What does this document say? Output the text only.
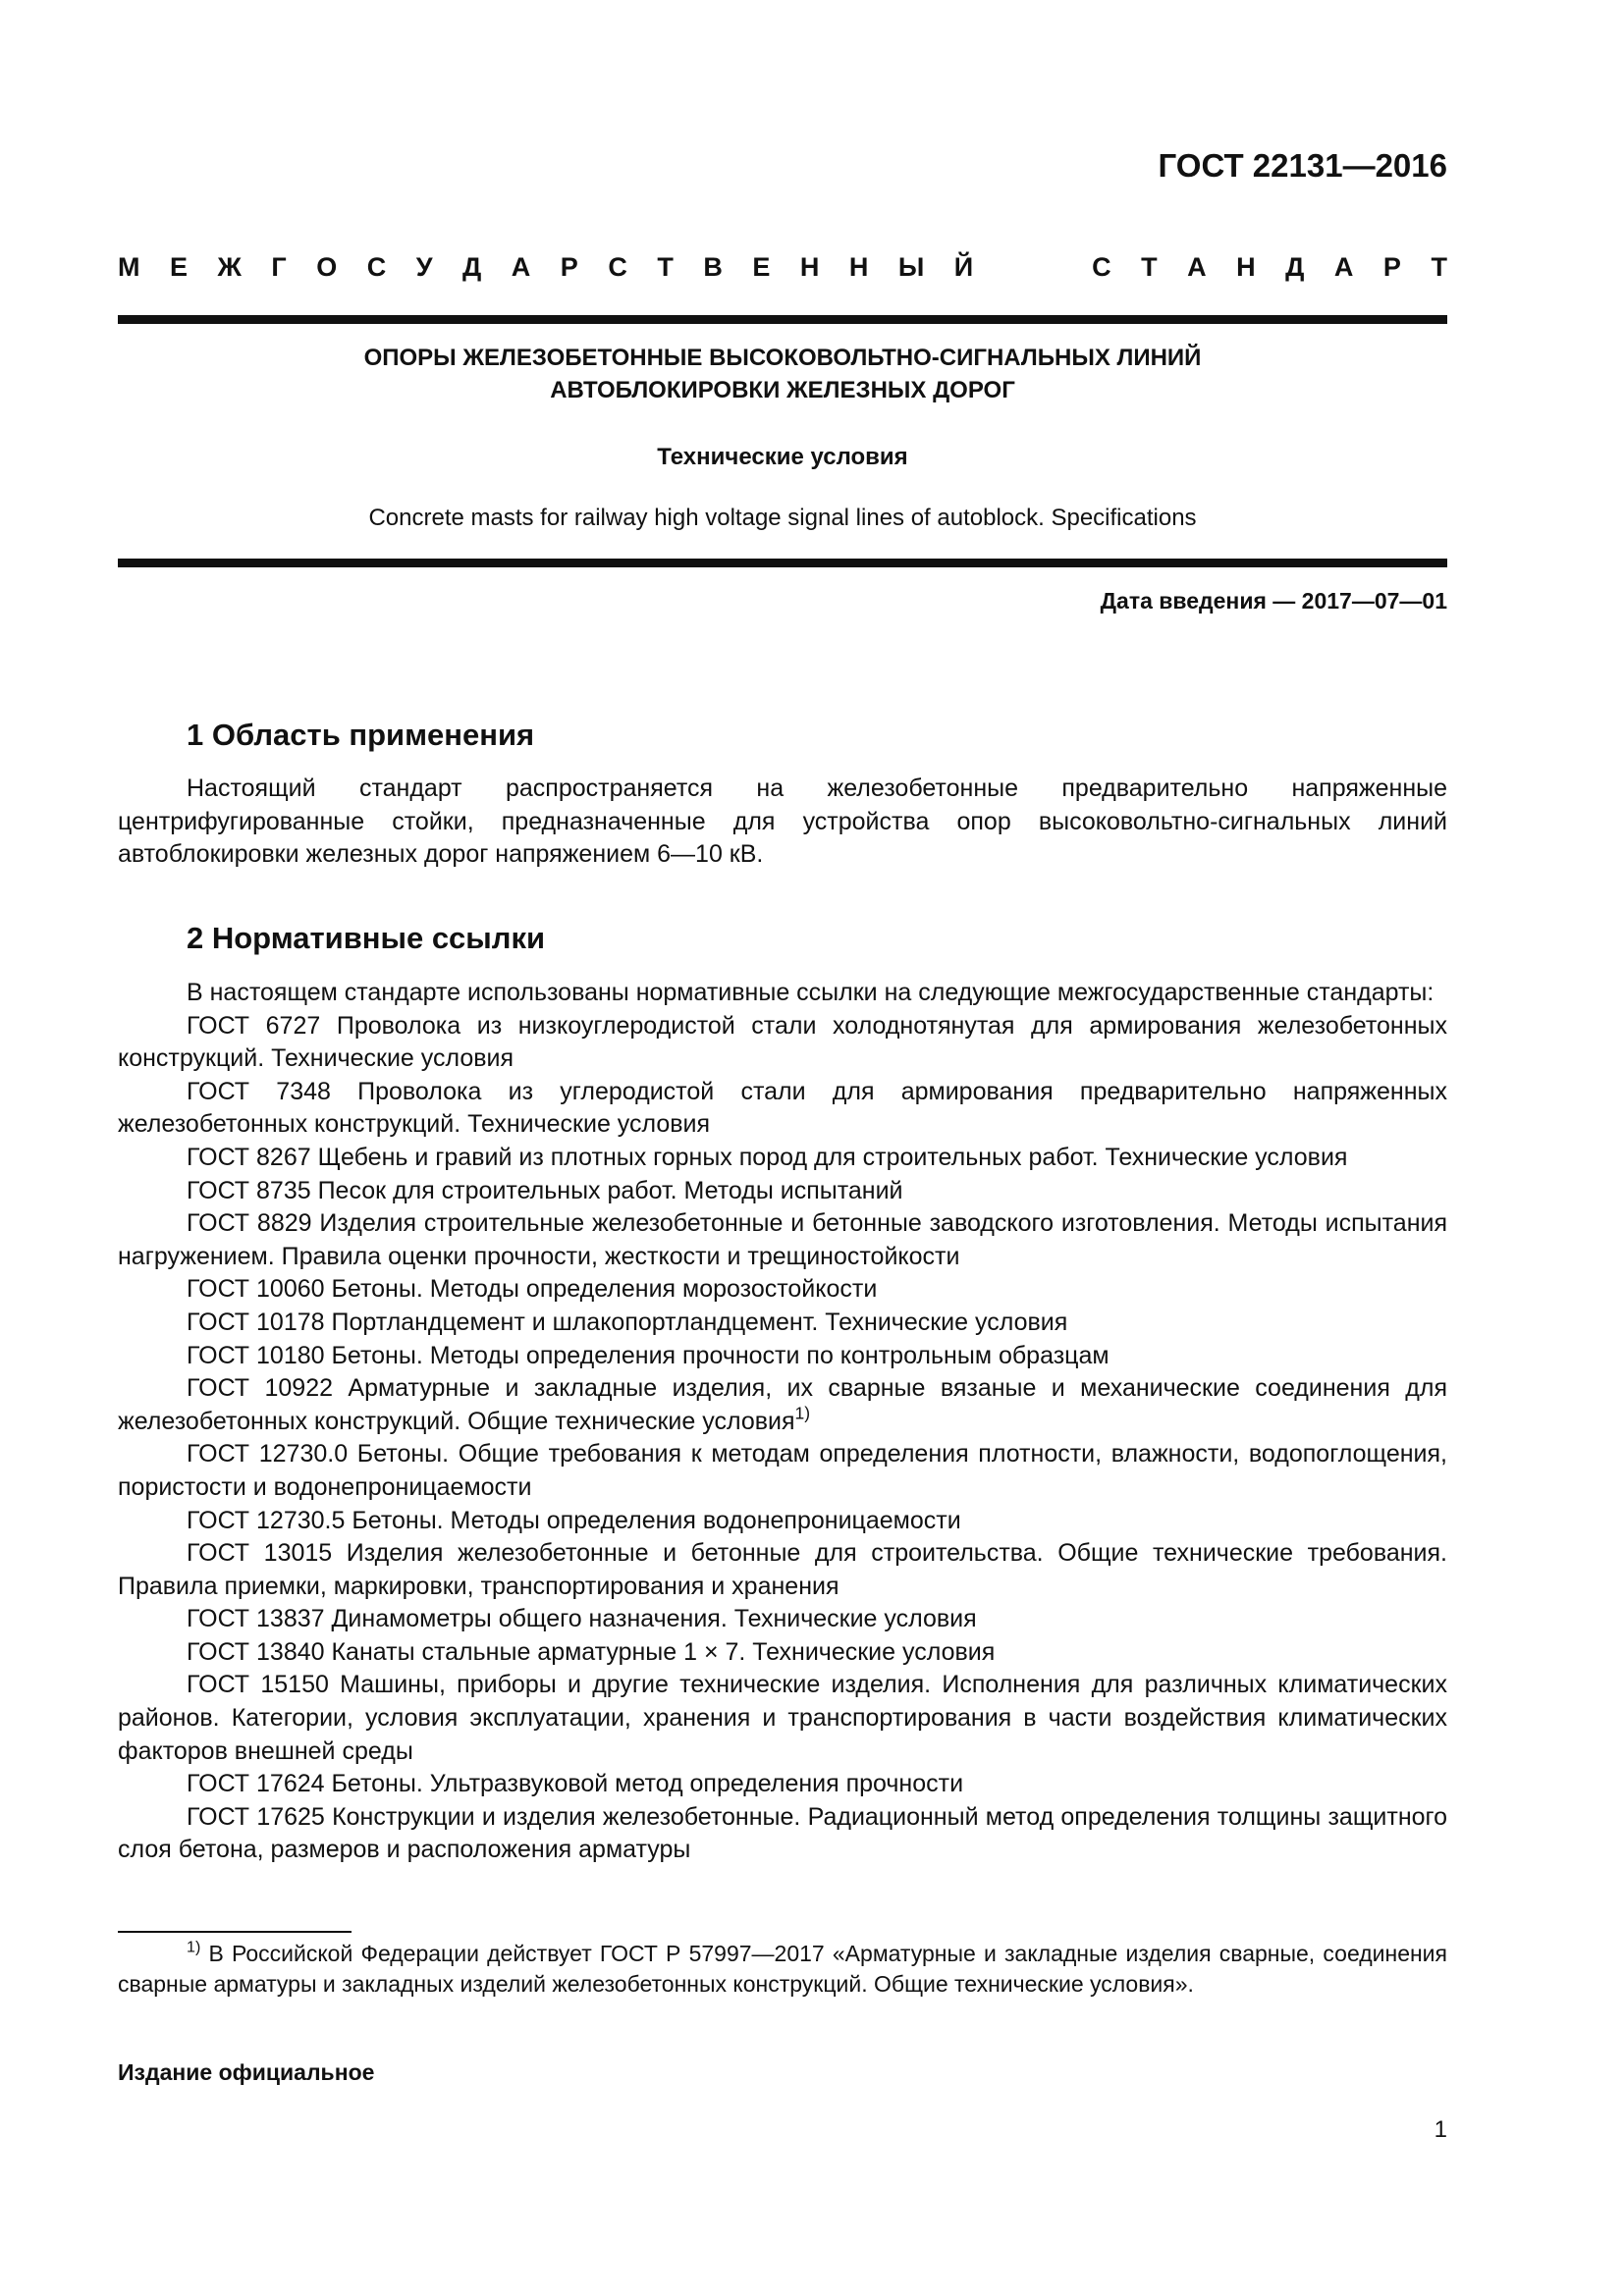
ГОСТ 22131—2016
М Е Ж Г О С У Д А Р С Т В Е Н Н Ы Й	С Т А Н Д А Р Т
ОПОРЫ ЖЕЛЕЗОБЕТОННЫЕ ВЫСОКОВОЛЬТНО-СИГНАЛЬНЫХ ЛИНИЙ
АВТОБЛОКИРОВКИ ЖЕЛЕЗНЫХ ДОРОГ

Технические условия

Concrete masts for railway high voltage signal lines of autoblock. Specifications

Дата введения — 2017—07—01

1 Область применения

Настоящий стандарт распространяется на железобетонные предварительно напряженные центрифугированные стойки, предназначенные для устройства опор высоковольтно-сигнальных линий автоблокировки железных дорог напряжением 6—10 кВ.

2 Нормативные ссылки

В настоящем стандарте использованы нормативные ссылки на следующие межгосударственные стандарты:

ГОСТ 6727 Проволока из низкоуглеродистой стали холоднотянутая для армирования железобетонных конструкций. Технические условия

ГОСТ 7348 Проволока из углеродистой стали для армирования предварительно напряженных железобетонных конструкций. Технические условия

ГОСТ 8267 Щебень и гравий из плотных горных пород для строительных работ. Технические условия

ГОСТ 8735 Песок для строительных работ. Методы испытаний

ГОСТ 8829 Изделия строительные железобетонные и бетонные заводского изготовления. Методы испытания нагружением. Правила оценки прочности, жесткости и трещиностойкости

ГОСТ 10060 Бетоны. Методы определения морозостойкости

ГОСТ 10178 Портландцемент и шлакопортландцемент. Технические условия

ГОСТ 10180 Бетоны. Методы определения прочности по контрольным образцам

ГОСТ 10922 Арматурные и закладные изделия, их сварные вязаные и механические соединения для железобетонных конструкций. Общие технические условия$^{1)}$

ГОСТ 12730.0 Бетоны. Общие требования к методам определения плотности, влажности, водопоглощения, пористости и водонепроницаемости

ГОСТ 12730.5 Бетоны. Методы определения водонепроницаемости

ГОСТ 13015 Изделия железобетонные и бетонные для строительства. Общие технические требования. Правила приемки, маркировки, транспортирования и хранения

ГОСТ 13837 Динамометры общего назначения. Технические условия

ГОСТ 13840 Канаты стальные арматурные 1 × 7. Технические условия

ГОСТ 15150 Машины, приборы и другие технические изделия. Исполнения для различных климатических районов. Категории, условия эксплуатации, хранения и транспортирования в части воздействия климатических факторов внешней среды

ГОСТ 17624 Бетоны. Ультразвуковой метод определения прочности

ГОСТ 17625 Конструкции и изделия железобетонные. Радиационный метод определения толщины защитного слоя бетона, размеров и расположения арматуры

$^{1)}$ В Российской Федерации действует ГОСТ Р 57997—2017 «Арматурные и закладные изделия сварные, соединения сварные арматуры и закладных изделий железобетонных конструкций. Общие технические условия».

Издание официальное

1
